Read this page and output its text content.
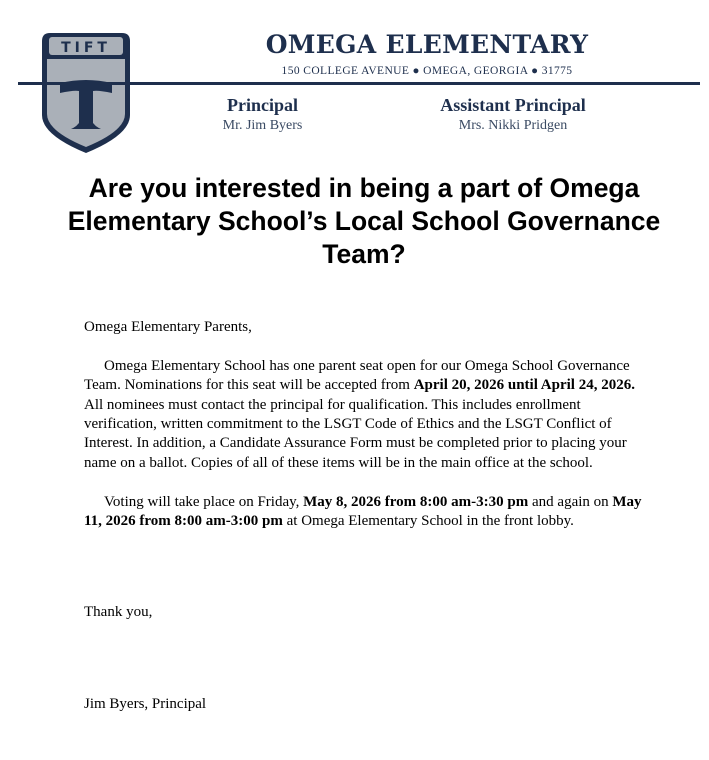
TIFT	OMEGA ELEMENTARY
150 COLLEGE AVENUE ● OMEGA, GEORGIA ● 31775
Principal
Mr. Jim Byers
Assistant Principal
Mrs. Nikki Pridgen
Are you interested in being a part of Omega Elementary School’s Local School Governance Team?

Omega Elementary Parents,

Omega Elementary School has one parent seat open for our Omega School Governance Team. Nominations for this seat will be accepted from April 20, 2026 until April 24, 2026. All nominees must contact the principal for qualification. This includes enrollment verification, written commitment to the LSGT Code of Ethics and the LSGT Conflict of Interest. In addition, a Candidate Assurance Form must be completed prior to placing your name on a ballot. Copies of all of these items will be in the main office at the school.

Voting will take place on Friday, May 8, 2026 from 8:00 am-3:30 pm and again on May 11, 2026 from 8:00 am-3:00 pm at Omega Elementary School in the front lobby.

Thank you,
Jim Byers, Principal
